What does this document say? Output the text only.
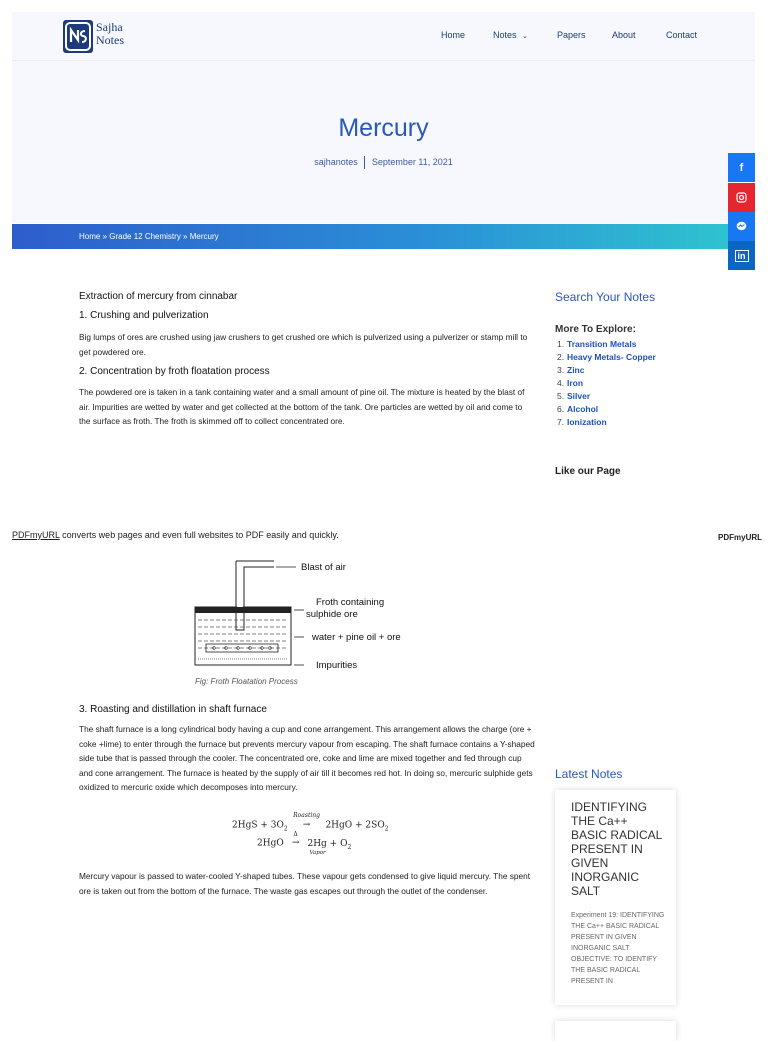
Sajha
Notes	Home	Notes ⌄	Papers	About	Contact
Mercury
sajhanotes September 11, 2021
Home » Grade 12 Chemistry » Mercury
Extraction of mercury from cinnabar
1. Crushing and pulverization
Big lumps of ores are crushed using jaw crushers to get crushed ore which is pulverized using a pulverizer or stamp mill to get powdered ore.
2. Concentration by froth floatation process
The powdered ore is taken in a tank containing water and a small amount of pine oil. The mixture is heated by the blast of air. Impurities are wetted by water and get collected at the bottom of the tank. Ore particles are wetted by oil and come to the surface as froth. The froth is skimmed off to collect concentrated ore.
Search Your Notes
More To Explore:
1. Transition Metals
2. Heavy Metals- Copper
3. Zinc
4. Iron
5. Silver
6. Alcohol
7. Ionization
Like our Page
f
in
PDFmyURL converts web pages and even full websites to PDF easily and quickly.	PDFmyURL
Blast of air
Froth containing
sulphide ore
water + pine oil + ore
Impurities
Fig: Froth Floatation Process
3. Roasting and distillation in shaft furnace
The shaft furnace is a long cylindrical body having a cup and cone arrangement. This arrangement allows the charge (ore + coke +lime) to enter through the furnace but prevents mercury vapour from escaping. The shaft furnace contains a Y-shaped side tube that is passed through the cooler. The concentrated ore, coke and lime are mixed together and fed through cup and cone arrangement. The furnace is heated by the supply of air till it becomes red hot. In doing so, mercuric sulphide gets oxidized to mercuric oxide which decomposes into mercury.
$2HgS + 3O_2$
Roasting
→ $2HgO + 2SO_2$
2HgO
Δ
→ $2Hg + O_2$
Vapor
Mercury vapour is passed to water-cooled Y-shaped tubes. These vapour gets condensed to give liquid mercury. The spent ore is taken out from the bottom of the furnace. The waste gas escapes out through the outlet of the condenser.
Latest Notes
IDENTIFYING THE Ca++ BASIC RADICAL PRESENT IN GIVEN INORGANIC SALT
Experiment 19: IDENTIFYING THE Ca++ BASIC RADICAL PRESENT IN GIVEN INORGANIC SALT OBJECTIVE: TO IDENTIFY THE BASIC RADICAL PRESENT IN
